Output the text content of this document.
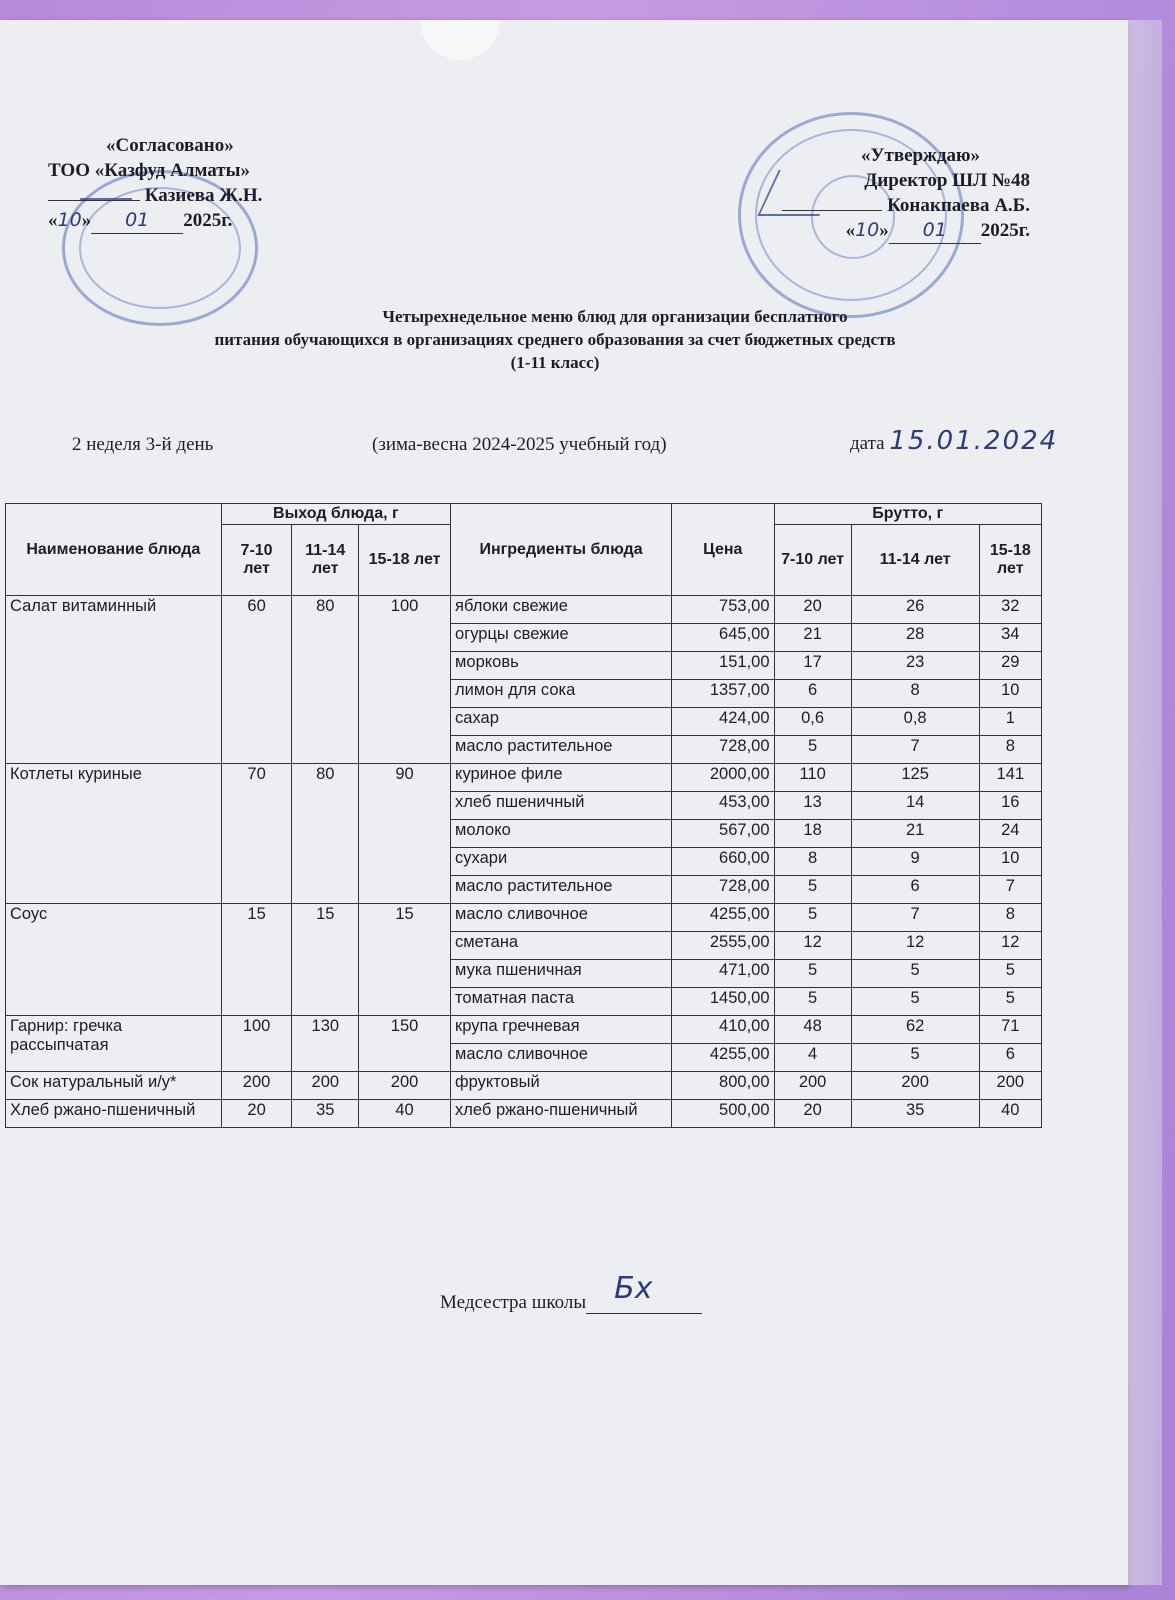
«Согласовано»
ТОО «Казфуд Алматы»
Казиева Ж.Н.
«10» 01 2025г.
«Утверждаю»
Директор ШЛ №48
Конакпаева А.Б.
«10» 01 2025г.
Четырехнедельное меню блюд для организации бесплатного
питания обучающихся в организациях среднего образования за счет бюджетных средств
(1-11 класс)
2 неделя 3-й день	(зима-весна 2024-2025 учебный год)	дата 15.01.2024
Наименование блюда	Выход блюда, г			Ингредиенты блюда	Цена	Брутто, г		
	7-10 лет	11-14 лет	15-18 лет			7-10 лет	11-14 лет	15-18 лет
Салат витаминный	60	80	100	яблоки свежие	753,00	20	26	32
				огурцы свежие	645,00	21	28	34
				морковь	151,00	17	23	29
				лимон для сока	1357,00	6	8	10
				сахар	424,00	0,6	0,8	1
				масло растительное	728,00	5	7	8
Котлеты куриные	70	80	90	куриное филе	2000,00	110	125	141
				хлеб пшеничный	453,00	13	14	16
				молоко	567,00	18	21	24
				сухари	660,00	8	9	10
				масло растительное	728,00	5	6	7
Соус	15	15	15	масло сливочное	4255,00	5	7	8
				сметана	2555,00	12	12	12
				мука пшеничная	471,00	5	5	5
				томатная паста	1450,00	5	5	5
Гарнир: гречка рассыпчатая	100	130	150	крупа гречневая	410,00	48	62	71
				масло сливочное	4255,00	4	5	6
Сок натуральный и/у*	200	200	200	фруктовый	800,00	200	200	200
Хлеб ржано-пшеничный	20	35	40	хлеб ржано-пшеничный	500,00	20	35	40
Медсестра школы Бх
